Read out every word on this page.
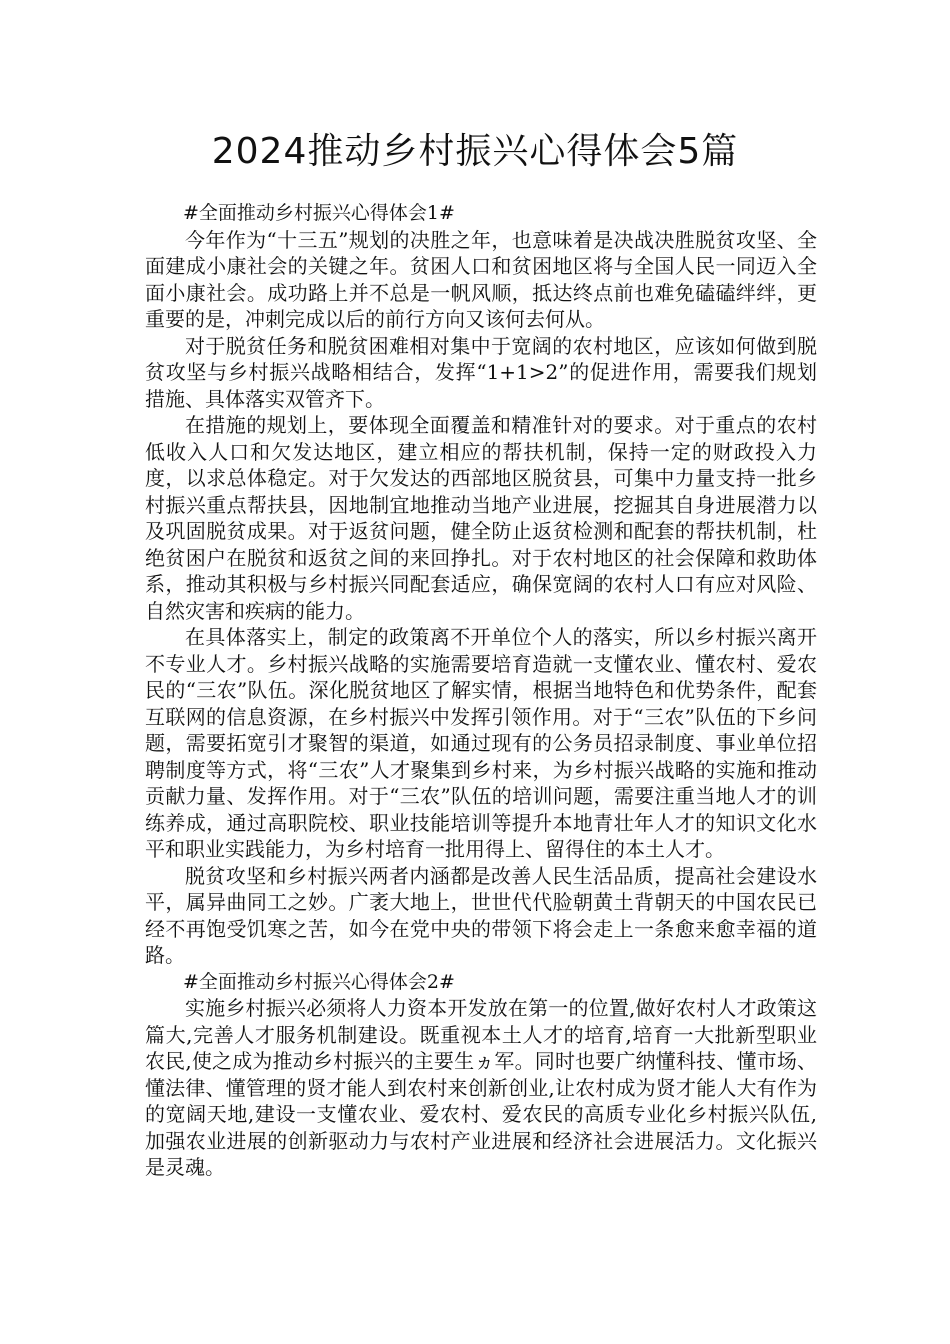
2024推动乡村振兴心得体会5篇

#全面推动乡村振兴心得体会1#

今年作为“十三五”规划的决胜之年，也意味着是决战决胜脱贫攻坚、全面建成小康社会的关键之年。贫困人口和贫困地区将与全国人民一同迈入全面小康社会。成功路上并不总是一帆风顺，抵达终点前也难免磕磕绊绊，更重要的是，冲刺完成以后的前行方向又该何去何从。

对于脱贫任务和脱贫困难相对集中于宽阔的农村地区，应该如何做到脱贫攻坚与乡村振兴战略相结合，发挥“1+1>2”的促进作用，需要我们规划措施、具体落实双管齐下。

在措施的规划上，要体现全面覆盖和精准针对的要求。对于重点的农村低收入人口和欠发达地区，建立相应的帮扶机制，保持一定的财政投入力度，以求总体稳定。对于欠发达的西部地区脱贫县，可集中力量支持一批乡村振兴重点帮扶县，因地制宜地推动当地产业进展，挖掘其自身进展潜力以及巩固脱贫成果。对于返贫问题，健全防止返贫检测和配套的帮扶机制，杜绝贫困户在脱贫和返贫之间的来回挣扎。对于农村地区的社会保障和救助体系，推动其积极与乡村振兴同配套适应，确保宽阔的农村人口有应对风险、自然灾害和疾病的能力。

在具体落实上，制定的政策离不开单位个人的落实，所以乡村振兴离开不专业人才。乡村振兴战略的实施需要培育造就一支懂农业、懂农村、爱农民的“三农”队伍。深化脱贫地区了解实情，根据当地特色和优势条件，配套互联网的信息资源，在乡村振兴中发挥引领作用。对于“三农”队伍的下乡问题，需要拓宽引才聚智的渠道，如通过现有的公务员招录制度、事业单位招聘制度等方式，将“三农”人才聚集到乡村来，为乡村振兴战略的实施和推动贡献力量、发挥作用。对于“三农”队伍的培训问题，需要注重当地人才的训练养成，通过高职院校、职业技能培训等提升本地青壮年人才的知识文化水平和职业实践能力，为乡村培育一批用得上、留得住的本土人才。

脱贫攻坚和乡村振兴两者内涵都是改善人民生活品质，提高社会建设水平，属异曲同工之妙。广袤大地上，世世代代脸朝黄土背朝天的中国农民已经不再饱受饥寒之苦，如今在党中央的带领下将会走上一条愈来愈幸福的道路。

#全面推动乡村振兴心得体会2#

实施乡村振兴必须将人力资本开发放在第一的位置,做好农村人才政策这篇大,完善人才服务机制建设。既重视本土人才的培育,培育一大批新型职业农民,使之成为推动乡村振兴的主要生ヵ军。同时也要广纳懂科技、懂市场、懂法律、懂管理的贤才能人到农村来创新创业,让农村成为贤才能人大有作为的宽阔天地,建设一支懂农业、爱农村、爱农民的高质专业化乡村振兴队伍,加强农业进展的创新驱动力与农村产业进展和经济社会进展活力。文化振兴是灵魂。
